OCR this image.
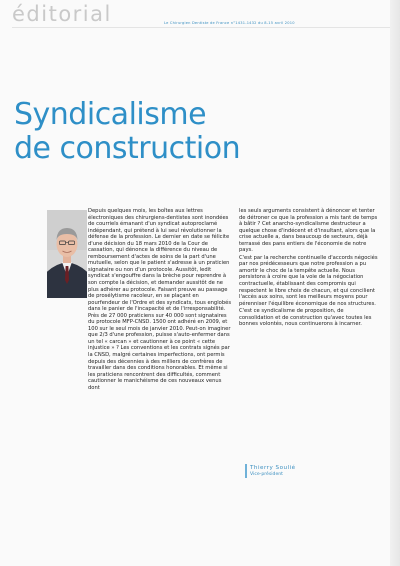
éditorial	Le Chirurgien Dentiste de France n°1431-1432 du 8-15 avril 2010
Syndicalisme
de construction

Depuis quelques mois, les boîtes aux lettres électroniques des chirurgiens-dentistes sont inondées de courriels émanant d'un syndicat autoproclamé indépendant, qui prétend à lui seul révolutionner la défense de la profession. Le dernier en date se félicite d'une décision du 18 mars 2010 de la Cour de cassation, qui dénonce la différence du niveau de remboursement d'actes de soins de la part d'une mutuelle, selon que le patient s'adresse à un praticien signataire ou non d'un protocole. Aussitôt, ledit syndicat s'engouffre dans la brèche pour reprendre à son compte la décision, et demander aussitôt de ne plus adhérer au protocole. Faisant preuve au passage de prosélytisme racoleur, en se plaçant en pourfendeur de l'Ordre et des syndicats, tous englobés dans le panier de l'incapacité et de l'irresponsabilité.

Près de 27 000 praticiens sur 40 000 sont signataires du protocole MFP-CNSD. 1500 ont adhéré en 2009, et 100 sur le seul mois de janvier 2010. Peut-on imaginer que 2/3 d'une profession, puisse s'auto-enfermer dans un tel « carcan » et cautionner à ce point « cette injustice » ? Les conventions et les contrats signés par la CNSD, malgré certaines imperfections, ont permis depuis des décennies à des milliers de confrères de travailler dans des conditions honorables. Et même si les praticiens rencontrent des difficultés, comment cautionner le manichéisme de ces nouveaux venus dont

les seuls arguments consistent à dénoncer et tenter de détroner ce que la profession a mis tant de temps à bâtir ? Cet anarcho-syndicalisme destructeur a quelque chose d'indécent et d'insultant, alors que la crise actuelle a, dans beaucoup de secteurs, déjà terrassé des pans entiers de l'économie de notre pays.

C'est par la recherche continuelle d'accords négociés par nos prédécesseurs que notre profession a pu amortir le choc de la tempête actuelle. Nous persistons à croire que la voie de la négociation contractuelle, établissant des compromis qui respectent le libre choix de chacun, et qui concilient l'accès aux soins, sont les meilleurs moyens pour pérenniser l'équilibre économique de nos structures.

C'est ce syndicalisme de proposition, de consolidation et de construction qu'avec toutes les bonnes volontés, nous continuerons à incarner.

Thierry Soulié
Vice-président
